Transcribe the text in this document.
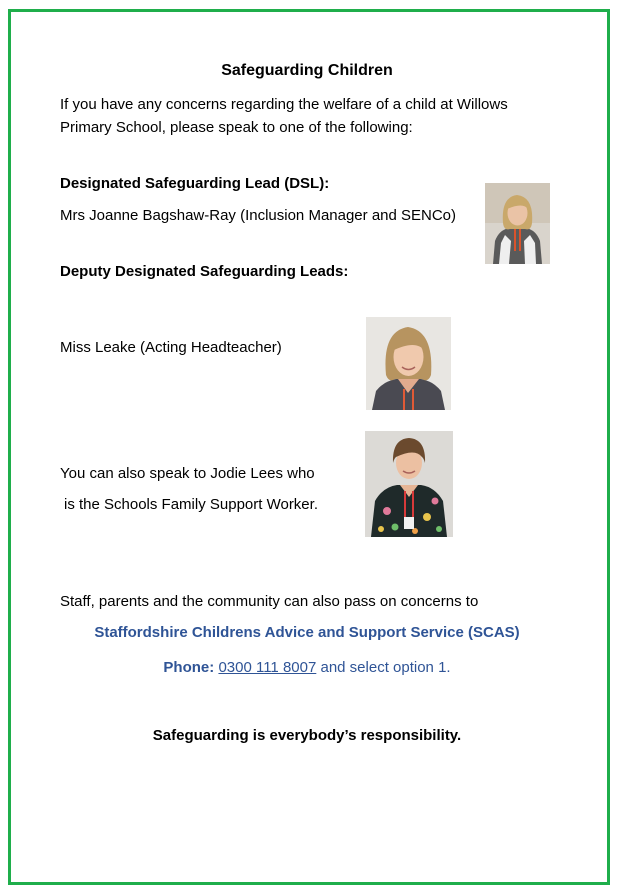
Safeguarding Children
If you have any concerns regarding the welfare of a child at Willows
Primary School, please speak to one of the following:
Designated Safeguarding Lead (DSL):
Mrs Joanne Bagshaw-Ray (Inclusion Manager and SENCo)
Deputy Designated Safeguarding Leads:
Miss Leake (Acting Headteacher)
You can also speak to Jodie Lees who
is the Schools Family Support Worker.
Staff, parents and the community can also pass on concerns to
Staffordshire Childrens Advice and Support Service (SCAS)
Phone: 0300 111 8007 and select option 1.
Safeguarding is everybody’s responsibility.
